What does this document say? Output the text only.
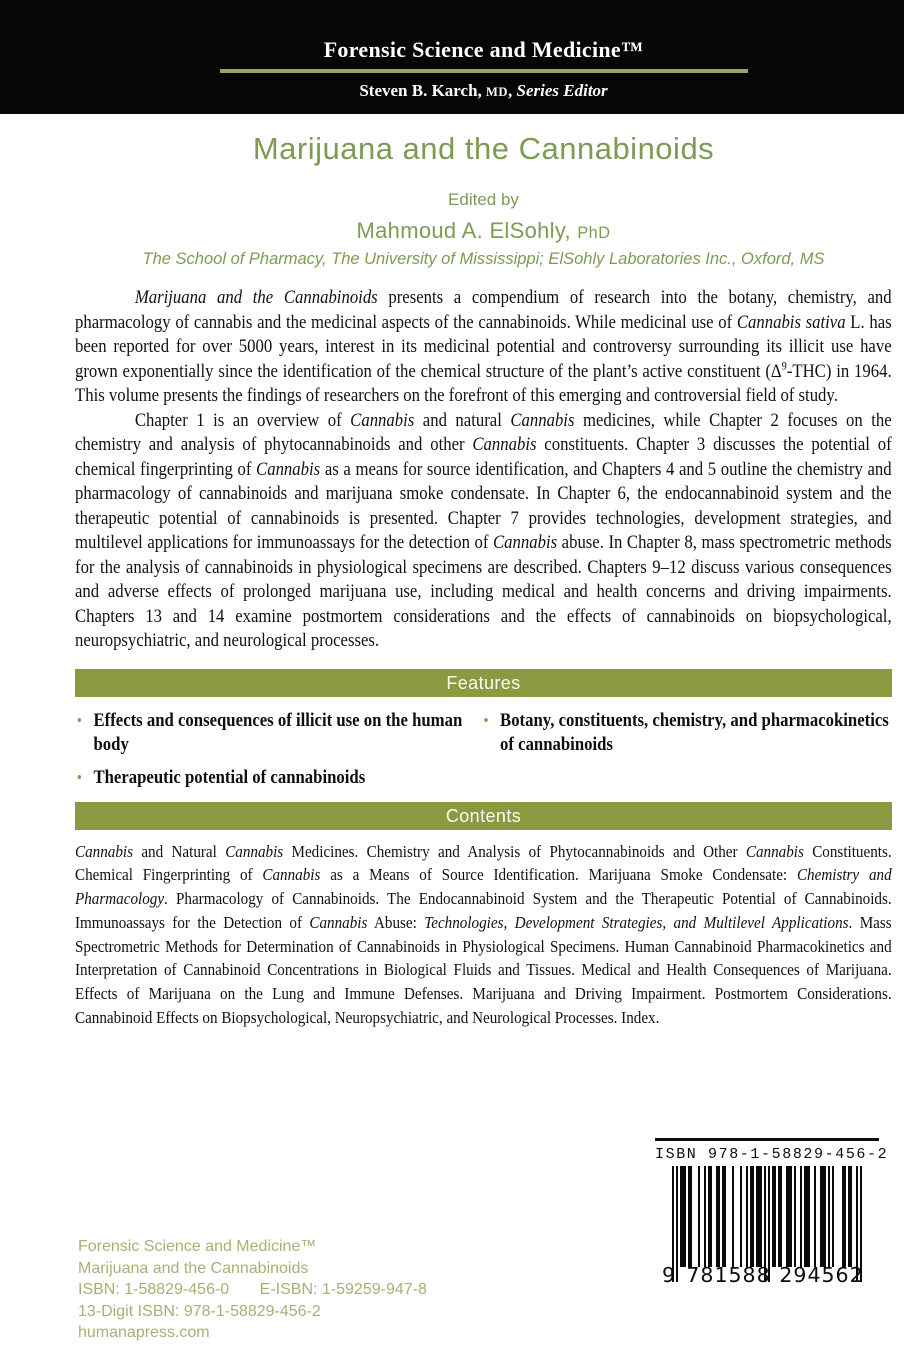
Forensic Science and Medicine™
Steven B. Karch, MD, Series Editor
Marijuana and the Cannabinoids
Edited by
Mahmoud A. ElSohly, PhD
The School of Pharmacy, The University of Mississippi; ElSohly Laboratories Inc., Oxford, MS

Marijuana and the Cannabinoids presents a compendium of research into the botany, chemistry, and pharmacology of cannabis and the medicinal aspects of the cannabinoids. While medicinal use of Cannabis sativa L. has been reported for over 5000 years, interest in its medicinal potential and controversy surrounding its illicit use have grown exponentially since the identification of the chemical structure of the plant’s active constituent $(\Delta^9-THC)$ in 1964. This volume presents the findings of researchers on the forefront of this emerging and controversial field of study.

Chapter 1 is an overview of Cannabis and natural Cannabis medicines, while Chapter 2 focuses on the chemistry and analysis of phytocannabinoids and other Cannabis constituents. Chapter 3 discusses the potential of chemical fingerprinting of Cannabis as a means for source identification, and Chapters 4 and 5 outline the chemistry and pharmacology of cannabinoids and marijuana smoke condensate. In Chapter 6, the endocannabinoid system and the therapeutic potential of cannabinoids is presented. Chapter 7 provides technologies, development strategies, and multilevel applications for immunoassays for the detection of Cannabis abuse. In Chapter 8, mass spectrometric methods for the analysis of cannabinoids in physiological specimens are described. Chapters 9–12 discuss various consequences and adverse effects of prolonged marijuana use, including medical and health concerns and driving impairments. Chapters 13 and 14 examine postmortem considerations and the effects of cannabinoids on biopsychological, neuropsychiatric, and neurological processes.

Features
• Effects and consequences of illicit use on the human body
• Therapeutic potential of cannabinoids
• Botany, constituents, chemistry, and pharmacokinetics of cannabinoids
Contents
Cannabis and Natural Cannabis Medicines. Chemistry and Analysis of Phytocannabinoids and Other Cannabis Constituents. Chemical Fingerprinting of Cannabis as a Means of Source Identification. Marijuana Smoke Condensate: Chemistry and Pharmacology. Pharmacology of Cannabinoids. The Endocannabinoid System and the Therapeutic Potential of Cannabinoids. Immunoassays for the Detection of Cannabis Abuse: Technologies, Development Strategies, and Multilevel Applications. Mass Spectrometric Methods for Determination of Cannabinoids in Physiological Specimens. Human Cannabinoid Pharmacokinetics and Interpretation of Cannabinoid Concentrations in Biological Fluids and Tissues. Medical and Health Consequences of Marijuana. Effects of Marijuana on the Lung and Immune Defenses. Marijuana and Driving Impairment. Postmortem Considerations. Cannabinoid Effects on Biopsychological, Neuropsychiatric, and Neurological Processes. Index.
Forensic Science and Medicine™
Marijuana and the Cannabinoids
ISBN: 1-58829-456-0 E-ISBN: 1-59259-947-8
13-Digit ISBN: 978-1-58829-456-2
humanapress.com
ISBN 978-1-58829-456-2
9 781588 294562
